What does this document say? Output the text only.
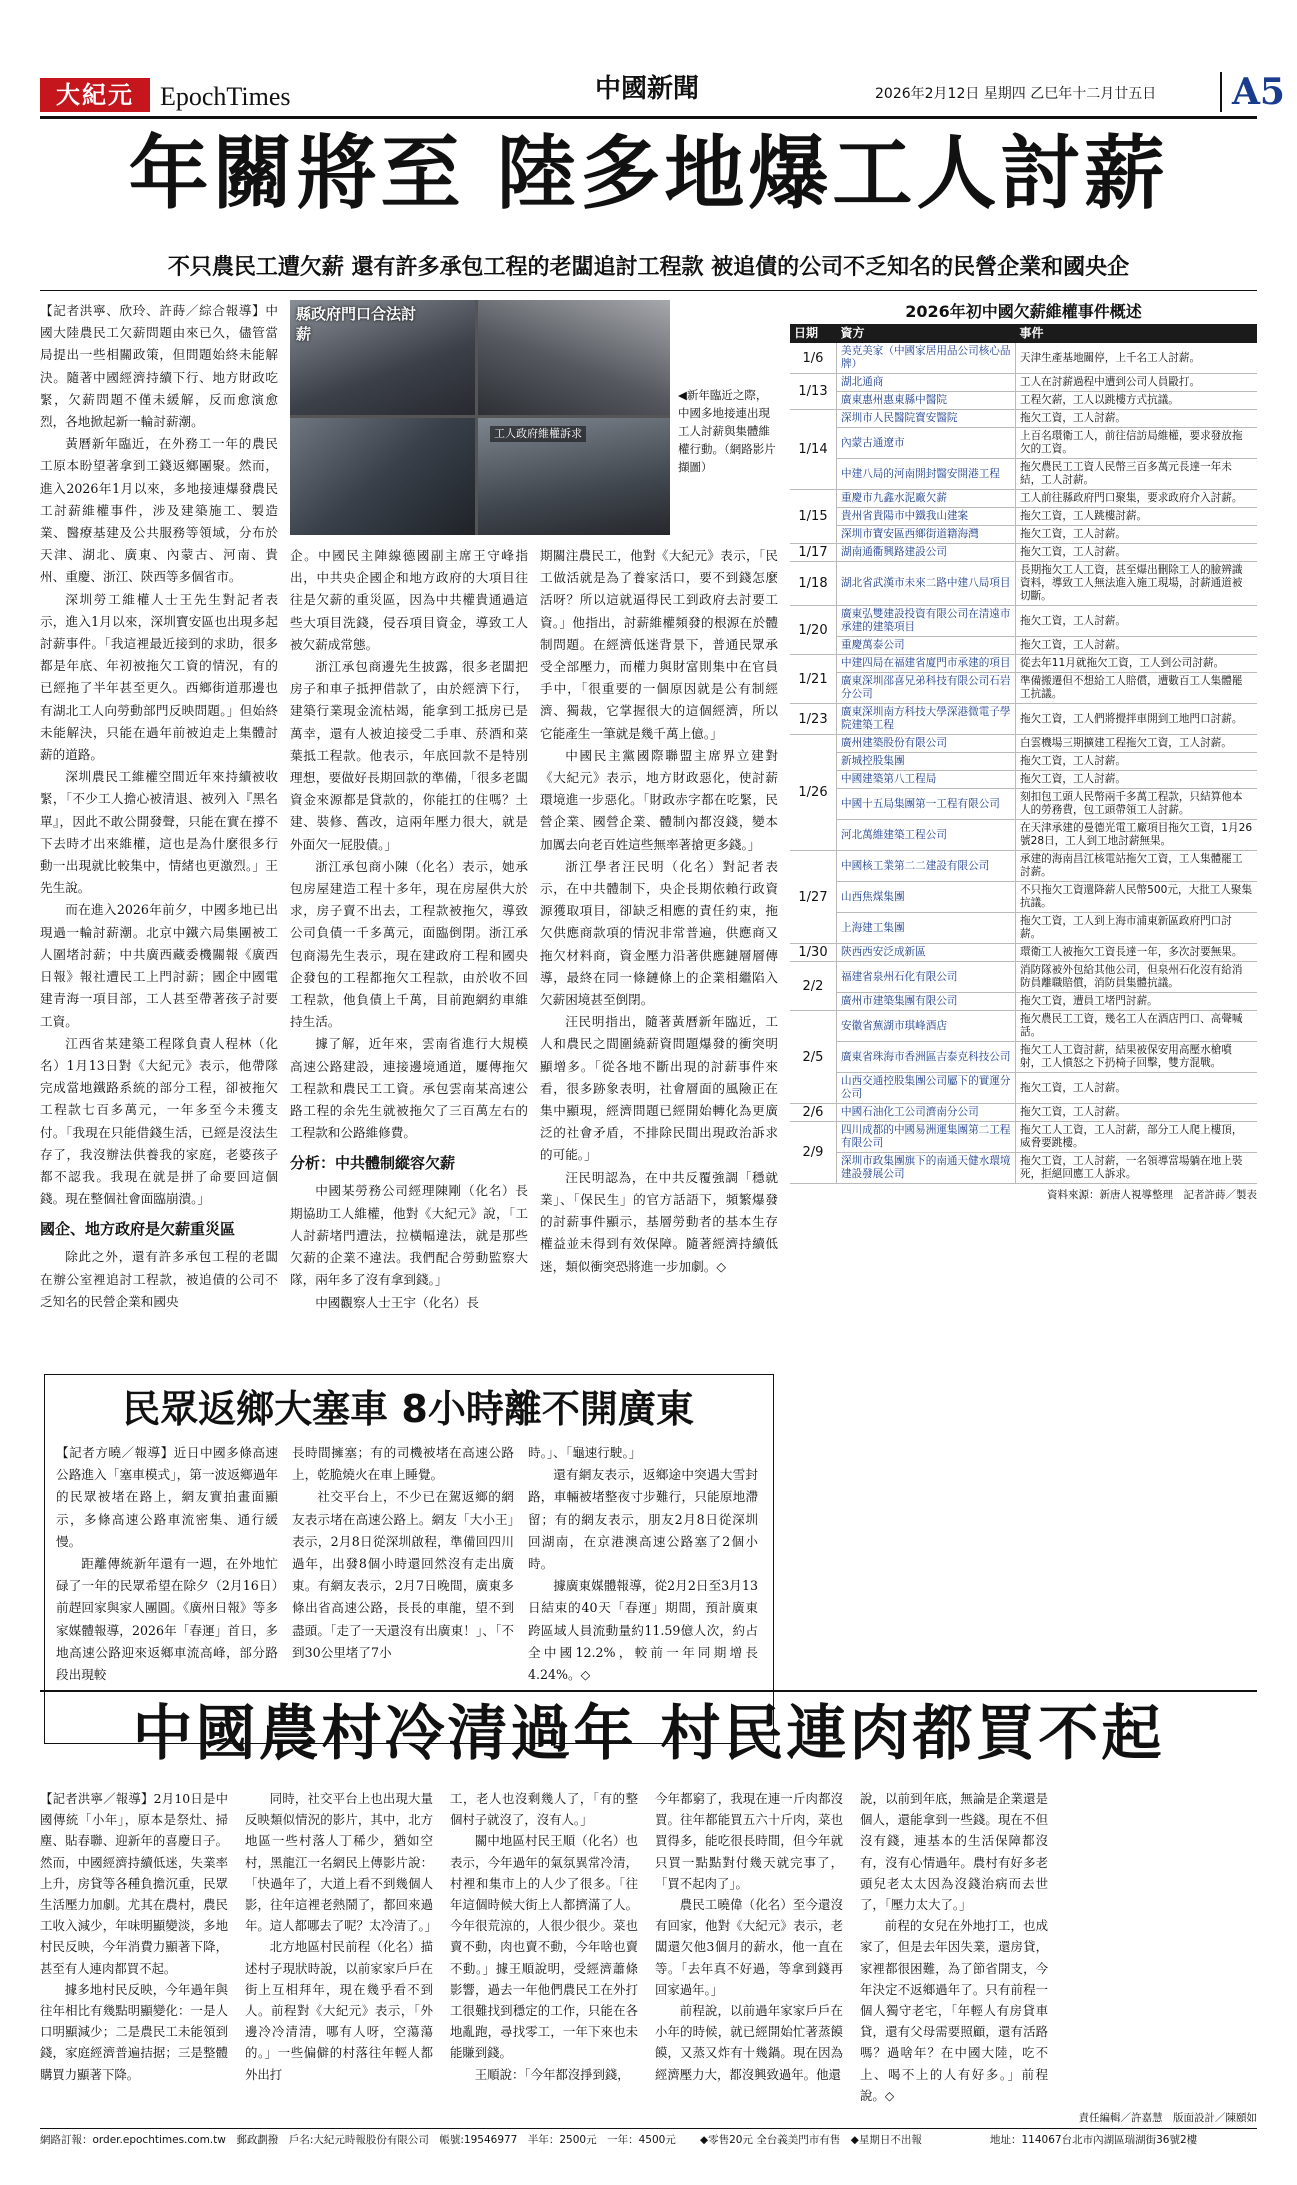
大紀元	EpochTimes	中國新聞	2026年2月12日 星期四 乙巳年十二月廿五日	A5
年關將至 陸多地爆工人討薪
不只農民工遭欠薪 還有許多承包工程的老闆追討工程款 被追債的公司不乏知名的民營企業和國央企

【記者洪寧、欣玲、許蒔／綜合報導】中國大陸農民工欠薪問題由來已久，儘管當局提出一些相關政策，但問題始終未能解決。隨著中國經濟持續下行、地方財政吃緊，欠薪問題不僅未緩解，反而愈演愈烈，各地掀起新一輪討薪潮。

黃曆新年臨近，在外務工一年的農民工原本盼望著拿到工錢返鄉團聚。然而，進入2026年1月以來，多地接連爆發農民工討薪維權事件，涉及建築施工、製造業、醫療基建及公共服務等領域，分布於天津、湖北、廣東、內蒙古、河南、貴州、重慶、浙江、陝西等多個省市。

深圳勞工維權人士王先生對記者表示，進入1月以來，深圳寶安區也出現多起討薪事件。「我這裡最近接到的求助，很多都是年底、年初被拖欠工資的情況，有的已經拖了半年甚至更久。西鄉街道那邊也有湖北工人向勞動部門反映問題。」但始終未能解決，只能在過年前被迫走上集體討薪的道路。

深圳農民工維權空間近年來持續被收緊，「不少工人擔心被清退、被列入『黑名單』，因此不敢公開發聲，只能在實在撐不下去時才出來維權，這也是為什麼很多行動一出現就比較集中，情緒也更激烈。」王先生說。

而在進入2026年前夕，中國多地已出現過一輪討薪潮。北京中鐵六局集團被工人圍堵討薪；中共廣西藏委機關報《廣西日報》報社遭民工上門討薪；國企中國電建青海一項目部，工人甚至帶著孩子討要工資。

江西省某建築工程隊負責人程林（化名）1月13日對《大紀元》表示，他帶隊完成當地鐵路系統的部分工程，卻被拖欠工程款七百多萬元，一年多至今未獲支付。「我現在只能借錢生活，已經是沒法生存了，我沒辦法供養我的家庭，老婆孩子都不認我。我現在就是拼了命要回這個錢。現在整個社會面臨崩潰。」

國企、地方政府是欠薪重災區

除此之外，還有許多承包工程的老闆在辦公室裡追討工程款，被追債的公司不乏知名的民營企業和國央

縣政府門口合法討薪
工人政府維權訴求
◀新年臨近之際，中國多地接連出現工人討薪與集體維權行動。（網路影片擷圖）

企。中國民主陣線德國副主席王守峰指出，中共央企國企和地方政府的大項目往往是欠薪的重災區，因為中共權貴通過這些大項目洗錢，侵吞項目資金，導致工人被欠薪成常態。

浙江承包商邊先生披露，很多老闆把房子和車子抵押借款了，由於經濟下行，建築行業現金流枯竭，能拿到工抵房已是萬幸，還有人被迫接受二手車、菸酒和菜葉抵工程款。他表示，年底回款不是特別理想，要做好長期回款的準備，「很多老闆資金來源都是貸款的，你能扛的住嗎？土建、裝修、舊改，這兩年壓力很大，就是外面欠一屁股債。」

浙江承包商小陳（化名）表示，她承包房屋建造工程十多年，現在房屋供大於求，房子賣不出去，工程款被拖欠，導致公司負債一千多萬元，面臨倒閉。浙江承包商湯先生表示，現在建政府工程和國央企發包的工程都拖欠工程款，由於收不回工程款，他負債上千萬，目前跑網約車維持生活。

據了解，近年來，雲南省進行大規模高速公路建設，連接邊境通道，屢傳拖欠工程款和農民工工資。承包雲南某高速公路工程的余先生就被拖欠了三百萬左右的工程款和公路維修費。

分析：中共體制縱容欠薪

中國某勞務公司經理陳剛（化名）長期協助工人維權，他對《大紀元》說，「工人討薪堵門遭法，拉橫幅違法，就是那些欠薪的企業不違法。我們配合勞動監察大隊，兩年多了沒有拿到錢。」

中國觀察人士王宇（化名）長

期關注農民工，他對《大紀元》表示，「民工做活就是為了養家活口，要不到錢怎麼活呀？所以這就逼得民工到政府去討要工資。」他指出，討薪維權頻發的根源在於體制問題。在經濟低迷背景下，普通民眾承受全部壓力，而權力與財富則集中在官員手中，「很重要的一個原因就是公有制經濟、獨裁，它掌握很大的這個經濟，所以它能產生一筆就是幾千萬上億。」

中國民主黨國際聯盟主席界立建對《大紀元》表示，地方財政惡化，使討薪環境進一步惡化。「財政赤字都在吃緊，民營企業、國營企業、體制內都沒錢，變本加厲去向老百姓這些無率著搶更多錢。」

浙江學者汪民明（化名）對記者表示，在中共體制下，央企長期依賴行政資源獲取項目，卻缺乏相應的責任約束，拖欠供應商款項的情況非常普遍，供應商又拖欠材料商，資金壓力沿著供應鏈層層傳導，最終在同一條鏈條上的企業相繼陷入欠薪困境甚至倒閉。

汪民明指出，隨著黃曆新年臨近，工人和農民之間圍繞薪資問題爆發的衝突明顯增多。「從各地不斷出現的討薪事件來看，很多跡象表明，社會層面的風險正在集中顯現，經濟問題已經開始轉化為更廣泛的社會矛盾，不排除民間出現政治訴求的可能。」

汪民明認為，在中共反覆強調「穩就業」、「保民生」的官方話語下，頻繁爆發的討薪事件顯示，基層勞動者的基本生存權益並未得到有效保障。隨著經濟持續低迷，類似衝突恐將進一步加劇。◇

2026年初中國欠薪維權事件概述
日期	資方	事件
1/6	美克美家（中國家居用品公司核心品牌）	天津生產基地關停，上千名工人討薪。
1/13	湖北通商	工人在討薪過程中遭到公司人員毆打。
	廣東惠州惠東縣中醫院	工程欠薪，工人以跳樓方式抗議。
1/14	深圳市人民醫院寶安醫院	拖欠工資，工人討薪。
	內蒙古通遼市	上百名環衛工人，前往信訪局維權，要求發放拖欠的工資。
	中建八局的河南開封醫安開港工程	拖欠農民工工資人民幣三百多萬元長達一年未結，工人討薪。
1/15	重慶市九鑫水泥廠欠薪	工人前往縣政府門口聚集，要求政府介入討薪。
	貴州省貴陽市中鐵我山建案	拖欠工資，工人跳樓討薪。
	深圳市寶安區西鄉街道籍海灣	拖欠工資，工人討薪。
1/17	湖南通衢興路建設公司	拖欠工資，工人討薪。
1/18	湖北省武漢市未來二路中建八局項目	長期拖欠工人工資，甚至爆出刪除工人的臉辨識資料，導致工人無法進入施工現場，討薪通道被切斷。
1/20	廣東弘雙建設投資有限公司在清遠市承建的建築項目	拖欠工資，工人討薪。
	重慶萬泰公司	拖欠工資，工人討薪。
1/21	中建四局在福建省廈門市承建的項目	從去年11月就拖欠工資，工人到公司討薪。
	廣東深圳邵喜兄弟科技有限公司石岩分公司	準備搬遷但不想給工人賠償，遭數百工人集體罷工抗議。
1/23	廣東深圳南方科技大學深港微電子學院建築工程	拖欠工資，工人們將攪拌車開到工地門口討薪。
1/26	廣州建築股份有限公司	白雲機場三期擴建工程拖欠工資，工人討薪。
	新城控股集團	拖欠工資，工人討薪。
	中國建築第八工程局	拖欠工資，工人討薪。
	中國十五局集團第一工程有限公司	刻扣包工頭人民幣兩千多萬工程款，只結算他本人的勞務費，包工頭帶領工人討薪。
	河北萬維建築工程公司	在天津承建的曼德光電工廠項目拖欠工資，1月26號28日，工人到工地討薪無果。
1/27	中國核工業第二二建設有限公司	承建的海南昌江核電站拖欠工資，工人集體罷工討薪。
	山西焦煤集團	不只拖欠工資還降薪人民幣500元，大批工人聚集抗議。
	上海建工集團	拖欠工資，工人到上海市浦東新區政府門口討薪。
1/30	陝西西安泛成新區	環衛工人被拖欠工資長達一年，多次討要無果。
2/2	福建省泉州石化有限公司	消防隊被外包給其他公司，但泉州石化沒有給消防員離職賠償，消防員集體抗議。
	廣州市建築集團有限公司	拖欠工資，遭員工堵門討薪。
2/5	安徽省蕪湖市琪峰酒店	拖欠農民工工資，幾名工人在酒店門口、高聲喊話。
	廣東省珠海市香洲區吉泰克科技公司	拖欠工人工資討薪，結果被保安用高壓水槍噴射，工人憤怒之下扔椅子回擊，雙方混戰。
	山西交通控股集團公司屬下的實運分公司	拖欠工資，工人討薪。
2/6	中國石油化工公司濟南分公司	拖欠工資，工人討薪。
2/9	四川成都的中國易洲運集團第二工程有限公司	拖欠工人工資，工人討薪，部分工人爬上樓頂，威脅要跳樓。
	深圳市政集團旗下的南通天健水環境建設發展公司	拖欠工資，工人討薪，一名領導當場躺在地上裝死，拒絕回應工人訴求。
資料來源：新唐人視導整理　記者許蒔／製表
民眾返鄉大塞車 8小時離不開廣東

【記者方曉／報導】近日中國多條高速公路進入「塞車模式」，第一波返鄉過年的民眾被堵在路上，網友實拍畫面顯示，多條高速公路車流密集、通行緩慢。

距離傳統新年還有一週，在外地忙碌了一年的民眾希望在除夕（2月16日）前趕回家與家人團圓。《廣州日報》等多家媒體報導，2026年「春運」首日，多地高速公路迎來返鄉車流高峰，部分路段出現較

長時間擁塞；有的司機被堵在高速公路上，乾脆燒火在車上睡覺。

社交平台上，不少已在駕返鄉的網友表示堵在高速公路上。網友「大小王」表示，2月8日從深圳啟程，準備回四川過年，出發8個小時還回然沒有走出廣東。有網友表示，2月7日晚間，廣東多條出省高速公路，長長的車龍，望不到盡頭。「走了一天還沒有出廣東！」、「不到30公里堵了7小

時。」、「龜速行駛。」

還有網友表示，返鄉途中突遇大雪封路，車輛被堵整夜寸步難行，只能原地滯留；有的網友表示，朋友2月8日從深圳回湖南，在京港澳高速公路塞了2個小時。

據廣東媒體報導，從2月2日至3月13日結束的40天「春運」期間，預計廣東跨區域人員流動量約11.59億人次，約占全中國12.2%，較前一年同期增長4.24%。◇

中國農村冷清過年 村民連肉都買不起

【記者洪寧／報導】2月10日是中國傳統「小年」，原本是祭灶、掃塵、貼春聯、迎新年的喜慶日子。然而，中國經濟持續低迷，失業率上升，房貸等各種負擔沉重，民眾生活壓力加劇。尤其在農村，農民工收入減少，年味明顯變淡，多地村民反映，今年消費力顯著下降，甚至有人連肉都買不起。

據多地村民反映，今年過年與往年相比有幾點明顯變化：一是人口明顯減少；二是農民工未能領到錢，家庭經濟普遍拮据；三是整體購買力顯著下降。

同時，社交平台上也出現大量反映類似情況的影片，其中，北方地區一些村落人丁稀少，猶如空村，黑龍江一名網民上傳影片說：「快過年了，大道上看不到幾個人影，往年這裡老熱鬧了，都回來過年。這人都哪去了呢？太冷清了。」

北方地區村民前程（化名）描述村子現狀時說，以前家家戶戶在街上互相拜年，現在幾乎看不到人。前程對《大紀元》表示，「外邊冷冷清清，哪有人呀，空蕩蕩的。」一些偏僻的村落往年輕人都外出打

工，老人也沒剩幾人了，「有的整個村子就沒了，沒有人。」

關中地區村民王順（化名）也表示，今年過年的氣氛異常冷清，村裡和集市上的人少了很多。「往年這個時候大街上人都擠滿了人。今年很荒涼的，人很少很少。菜也賣不動，肉也賣不動，今年啥也賣不動。」據王順說明，受經濟蕭條影響，過去一年他們農民工在外打工很難找到穩定的工作，只能在各地亂跑，尋找零工，一年下來也未能賺到錢。

王順說：「今年都沒掙到錢，

今年都窮了，我現在連一斤肉都沒買。往年都能買五六十斤肉，菜也買得多，能吃很長時間，但今年就只買一點點對付幾天就完事了，「買不起肉了」。

農民工曉偉（化名）至今還沒有回家，他對《大紀元》表示，老闆還欠他3個月的薪水，他一直在等。「去年真不好過，等拿到錢再回家過年。」

前程說，以前過年家家戶戶在小年的時候，就已經開始忙著蒸饃饃，又蒸又炸有十幾鍋。現在因為經濟壓力大，都沒興致過年。他還

說，以前到年底，無論是企業還是個人，還能拿到一些錢。現在不但沒有錢，連基本的生活保障都沒有，沒有心情過年。農村有好多老頭兒老太太因為沒錢治病而去世了，「壓力太大了。」

前程的女兒在外地打工，也成家了，但是去年因失業，還房貸，家裡都很困難，為了節省開支，今年決定不返鄉過年了。只有前程一個人獨守老宅，「年輕人有房貸車貸，還有父母需要照顧，還有活路嗎？過啥年？在中國大陸，吃不上、喝不上的人有好多。」前程說。◇

責任編輯／許嘉慧　版面設計／陳頤如
網路訂報：order.epochtimes.com.tw　郵政劃撥　戶名:大紀元時報股份有限公司　帳號:19546977　半年：2500元　一年：4500元 ◆零售20元 全台義美門市有售　◆星期日不出報	地址：114067台北市內湖區瑞湖街36號2樓
